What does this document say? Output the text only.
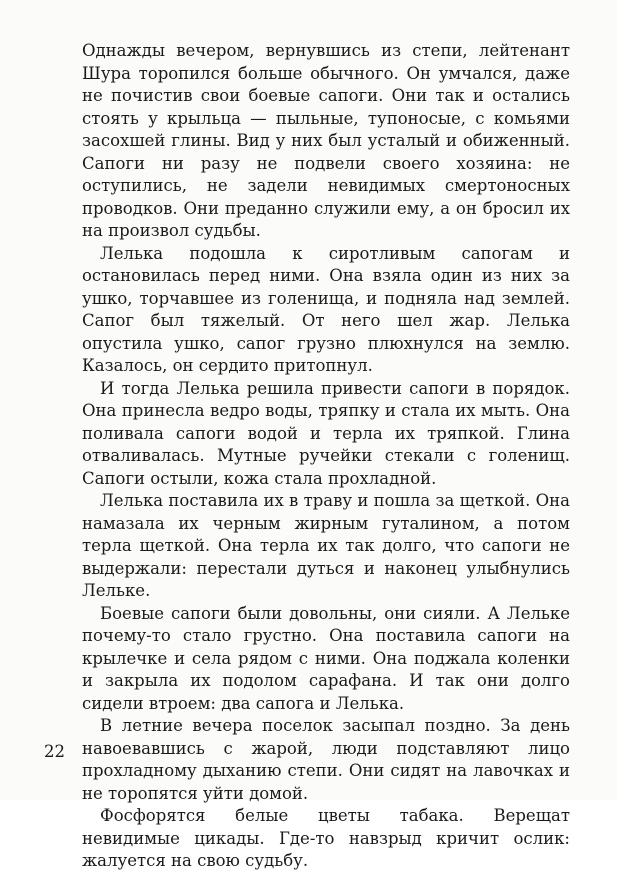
Однажды вечером, вернувшись из степи, лейтенант Шура торопился больше обычного. Он умчался, даже не почистив свои боевые сапоги. Они так и остались стоять у крыльца — пыльные, тупоносые, с комьями засохшей глины. Вид у них был усталый и обиженный. Сапоги ни разу не подвели своего хозяина: не оступились, не задели невидимых смертоносных проводков. Они преданно служили ему, а он бросил их на произвол судьбы.

Лелька подошла к сиротливым сапогам и остановилась перед ними. Она взяла один из них за ушко, торчавшее из голенища, и подняла над землей. Сапог был тяжелый. От него шел жар. Лелька опустила ушко, сапог грузно плюхнулся на землю. Казалось, он сердито притопнул.

И тогда Лелька решила привести сапоги в порядок. Она принесла ведро воды, тряпку и стала их мыть. Она поливала сапоги водой и терла их тряпкой. Глина отваливалась. Мутные ручейки стекали с голенищ. Сапоги остыли, кожа стала прохладной.

Лелька поставила их в траву и пошла за щеткой. Она намазала их черным жирным гуталином, а потом терла щеткой. Она терла их так долго, что сапоги не выдержали: перестали дуться и наконец улыбнулись Лельке.

Боевые сапоги были довольны, они сияли. А Лельке почему-то стало грустно. Она поставила сапоги на крылечке и села рядом с ними. Она поджала коленки и закрыла их подолом сарафана. И так они долго сидели втроем: два сапога и Лелька.

В летние вечера поселок засыпал поздно. За день навоевавшись с жарой, люди подставляют лицо прохладному дыханию степи. Они сидят на лавочках и не торопятся уйти домой.

Фосфорятся белые цветы табака. Верещат невидимые цикады. Где-то навзрыд кричит ослик: жалуется на свою судьбу.

22
